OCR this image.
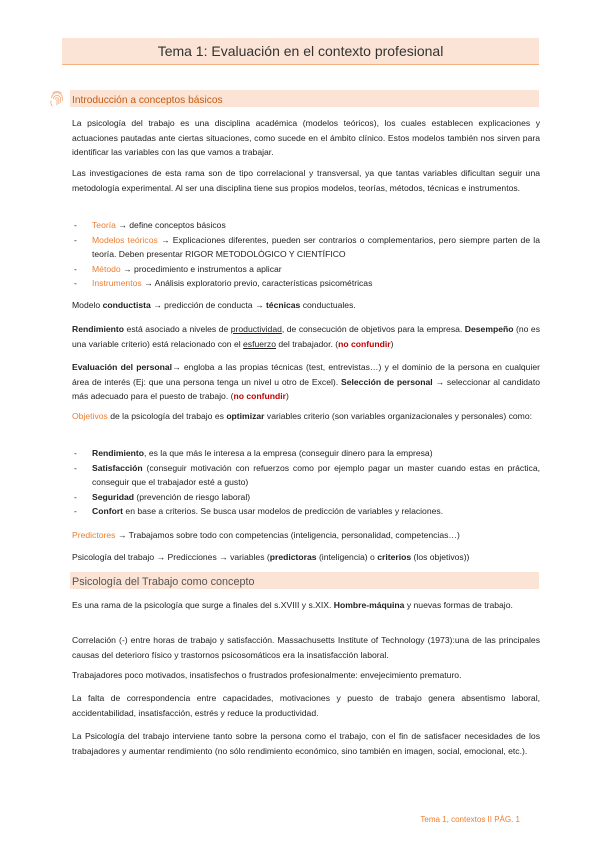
Tema 1: Evaluación en el contexto profesional
Introducción a conceptos básicos
La psicología del trabajo es una disciplina académica (modelos teóricos), los cuales establecen explicaciones y actuaciones pautadas ante ciertas situaciones, como sucede en el ámbito clínico. Estos modelos también nos sirven para identificar las variables con las que vamos a trabajar.
Las investigaciones de esta rama son de tipo correlacional y transversal, ya que tantas variables dificultan seguir una metodología experimental. Al ser una disciplina tiene sus propios modelos, teorías, métodos, técnicas e instrumentos.
- Teoría → define conceptos básicos
- Modelos teóricos → Explicaciones diferentes, pueden ser contrarios o complementarios, pero siempre parten de la teoría. Deben presentar RIGOR METODOLÓGICO Y CIENTÍFICO
- Método → procedimiento e instrumentos a aplicar
- Instrumentos → Análisis exploratorio previo, características psicométricas
Modelo conductista → predicción de conducta → técnicas conductuales.
Rendimiento está asociado a niveles de productividad, de consecución de objetivos para la empresa. Desempeño (no es una variable criterio) está relacionado con el esfuerzo del trabajador. (no confundir)
Evaluación del personal→ engloba a las propias técnicas (test, entrevistas…) y el dominio de la persona en cualquier área de interés (Ej: que una persona tenga un nivel u otro de Excel). Selección de personal → seleccionar al candidato más adecuado para el puesto de trabajo. (no confundir)
Objetivos de la psicología del trabajo es optimizar variables criterio (son variables organizacionales y personales) como:
- Rendimiento, es la que más le interesa a la empresa (conseguir dinero para la empresa)
- Satisfacción (conseguir motivación con refuerzos como por ejemplo pagar un master cuando estas en práctica, conseguir que el trabajador esté a gusto)
- Seguridad (prevención de riesgo laboral)
- Confort en base a criterios. Se busca usar modelos de predicción de variables y relaciones.
Predictores → Trabajamos sobre todo con competencias (inteligencia, personalidad, competencias…)
Psicología del trabajo → Predicciones → variables (predictoras (inteligencia) o criterios (los objetivos))
Psicología del Trabajo como concepto
Es una rama de la psicología que surge a finales del s.XVIII y s.XIX. Hombre-máquina y nuevas formas de trabajo.
Correlación (-) entre horas de trabajo y satisfacción. Massachusetts Institute of Technology (1973):una de las principales causas del deterioro físico y trastornos psicosomáticos era la insatisfacción laboral.
Trabajadores poco motivados, insatisfechos o frustrados profesionalmente: envejecimiento prematuro.
La falta de correspondencia entre capacidades, motivaciones y puesto de trabajo genera absentismo laboral, accidentabilidad, insatisfacción, estrés y reduce la productividad.
La Psicología del trabajo interviene tanto sobre la persona como el trabajo, con el fin de satisfacer necesidades de los trabajadores y aumentar rendimiento (no sólo rendimiento económico, sino también en imagen, social, emocional, etc.).
Tema 1, contextos II PÁG. 1
